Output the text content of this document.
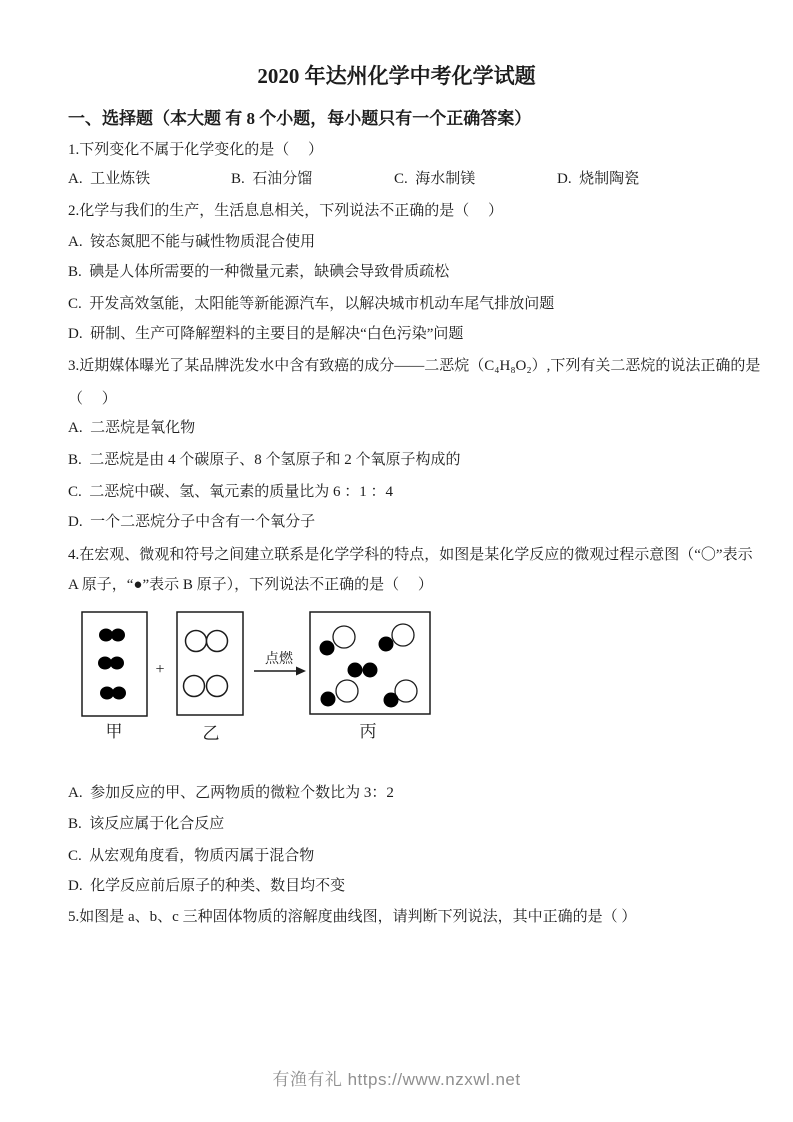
2020 年达州化学中考化学试题
一、选择题（本大题 有 8 个小题，每小题只有一个正确答案）
1.下列变化不属于化学变化的是（　 ）
A.  工业炼铁	B.  石油分馏	C.  海水制镁	D.  烧制陶瓷
2.化学与我们的生产，生活息息相关，下列说法不正确的是（　 ）
A.  铵态氮肥不能与碱性物质混合使用
B.  碘是人体所需要的一种微量元素，缺碘会导致骨质疏松
C.  开发高效氢能，太阳能等新能源汽车，以解决城市机动车尾气排放问题
D.  研制、生产可降解塑料的主要目的是解决“白色污染”问题
3.近期媒体曝光了某品牌洗发水中含有致癌的成分——二恶烷（C₄H₈O₂）,下列有关二恶烷的说法正确的是
（　 ）
A.  二恶烷是氧化物
B.  二恶烷是由 4 个碳原子、8 个氢原子和 2 个氧原子构成的
C.  二恶烷中碳、氢、氧元素的质量比为 6 ：1 ：4
D.  一个二恶烷分子中含有一个氧分子
4.在宏观、微观和符号之间建立联系是化学学科的特点，如图是某化学反应的微观过程示意图（“〇”表示
A 原子，“●”表示 B 原子），下列说法不正确的是（　 ）
+
点燃
甲	乙	丙
A.  参加反应的甲、乙两物质的微粒个数比为 3：2
B.  该反应属于化合反应
C.  从宏观角度看，物质丙属于混合物
D.  化学反应前后原子的种类、数目均不变
5.如图是 a、b、c 三种固体物质的溶解度曲线图，请判断下列说法，其中正确的是（ ）
有渔有礼 https://www.nzxwl.net
